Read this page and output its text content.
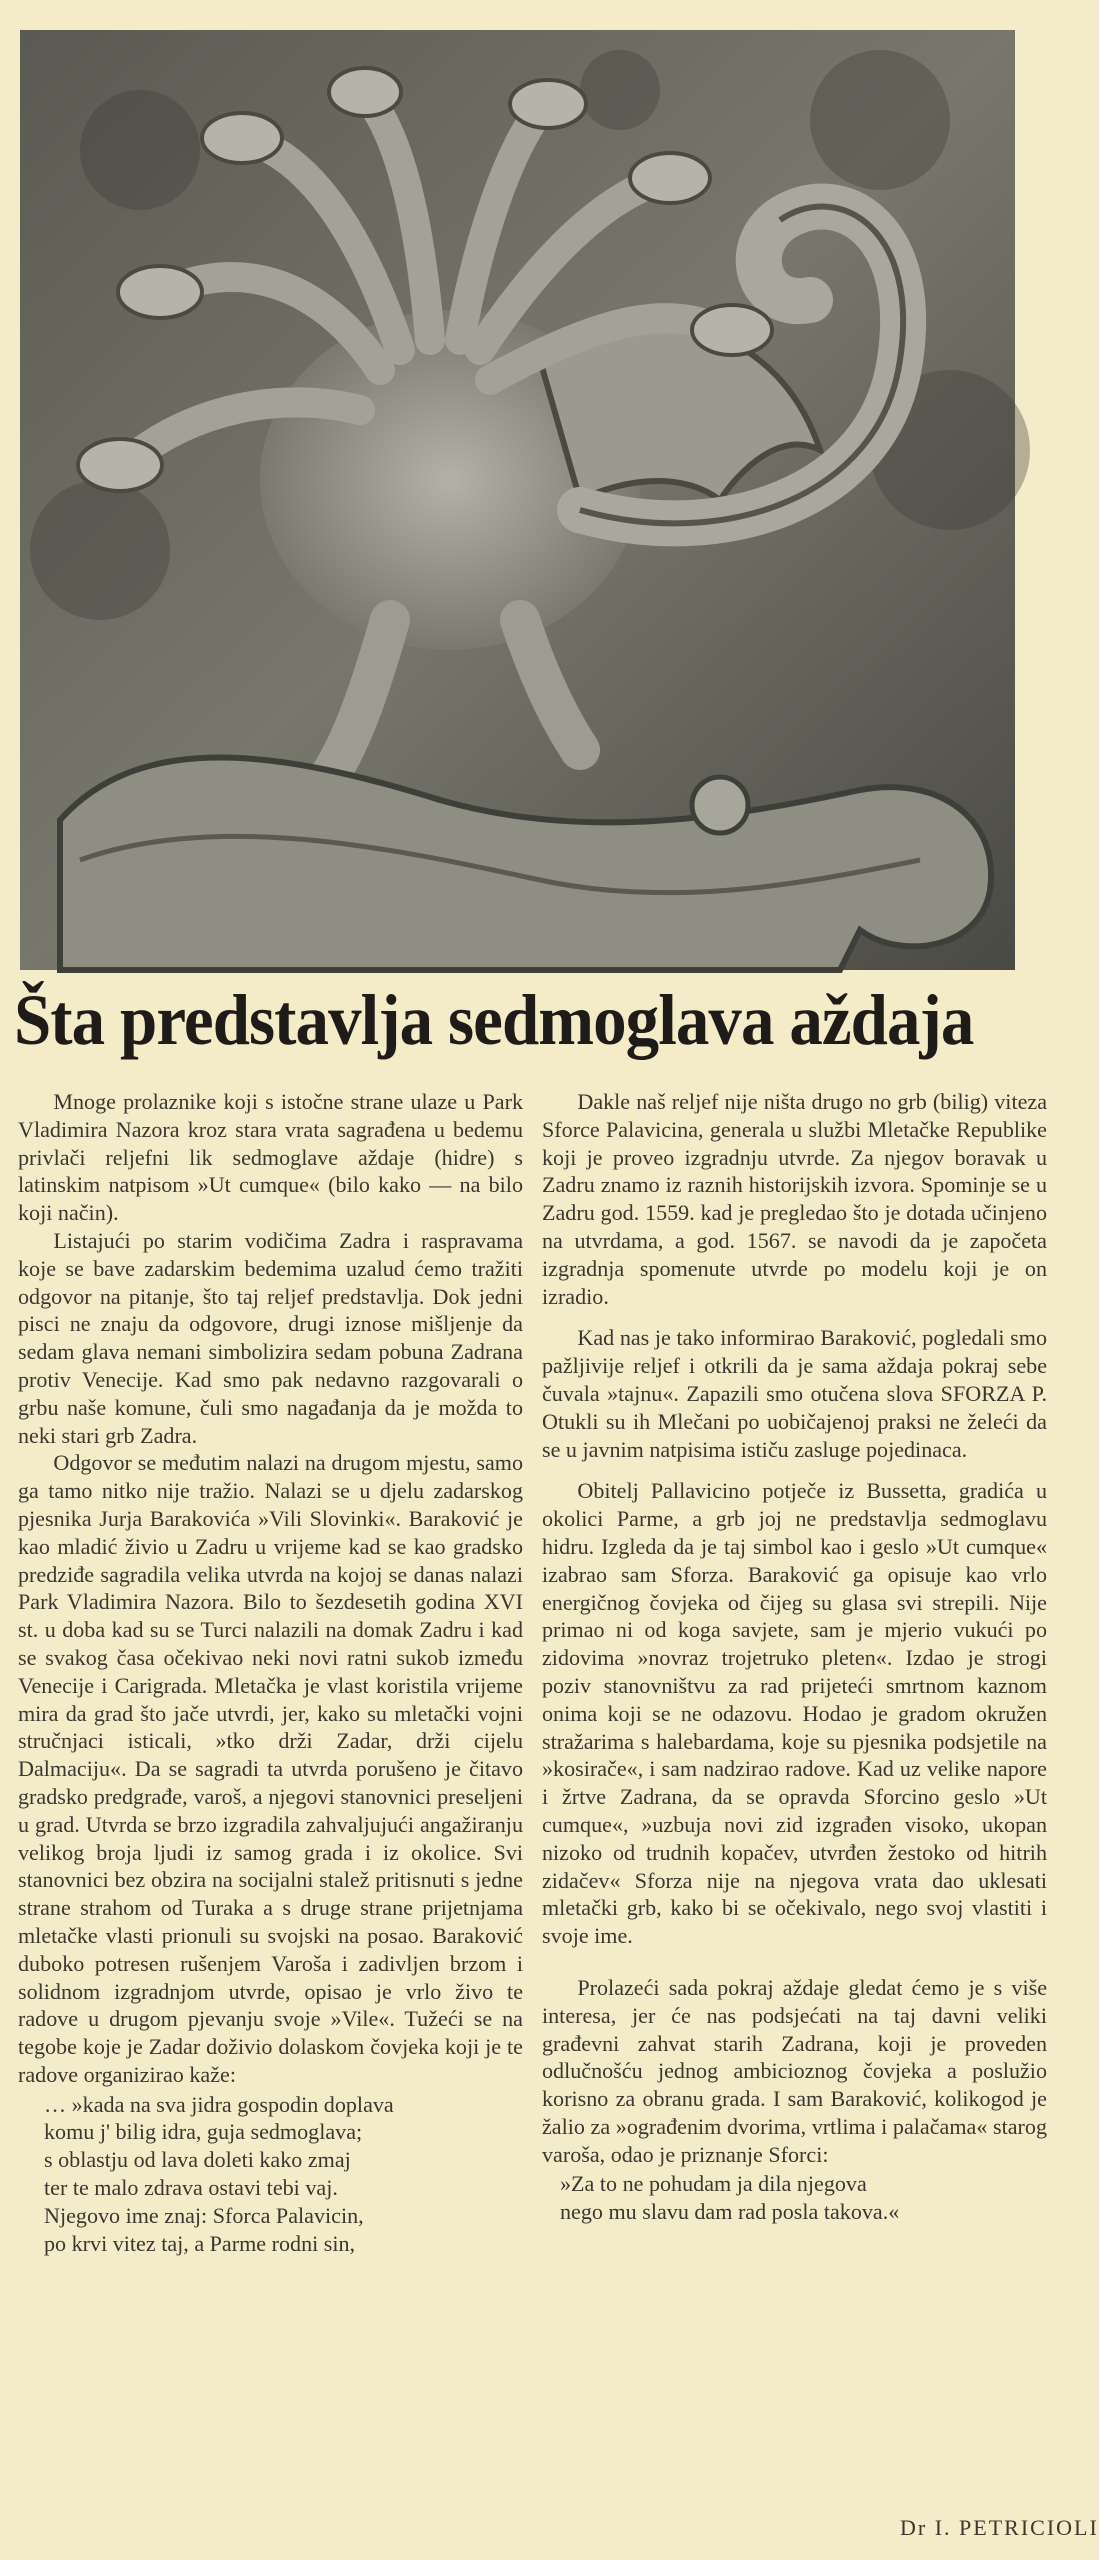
Šta predstavlja sedmoglava aždaja

Mnoge prolaznike koji s istočne strane ulaze u Park Vladimira Nazora kroz stara vrata sagrađena u bedemu privlači reljefni lik sedmoglave aždaje (hidre) s latinskim natpisom »Ut cumque« (bilo kako — na bilo koji način).

Listajući po starim vodičima Zadra i raspravama koje se bave zadarskim bedemima uzalud ćemo tražiti odgovor na pitanje, što taj reljef predstavlja. Dok jedni pisci ne znaju da odgovore, drugi iznose mišljenje da sedam glava nemani simbolizira sedam pobuna Zadrana protiv Venecije. Kad smo pak nedavno razgovarali o grbu naše komune, čuli smo nagađanja da je možda to neki stari grb Zadra.

Odgovor se međutim nalazi na drugom mjestu, samo ga tamo nitko nije tražio. Nalazi se u djelu zadarskog pjesnika Jurja Barakovića »Vili Slovinki«. Baraković je kao mladić živio u Zadru u vrijeme kad se kao gradsko predziđe sagradila velika utvrda na kojoj se danas nalazi Park Vladimira Nazora. Bilo to šezdesetih godina XVI st. u doba kad su se Turci nalazili na domak Zadru i kad se svakog časa očekivao neki novi ratni sukob između Venecije i Carigrada. Mletačka je vlast koristila vrijeme mira da grad što jače utvrdi, jer, kako su mletački vojni stručnjaci isticali, »tko drži Zadar, drži cijelu Dalmaciju«. Da se sagradi ta utvrda porušeno je čitavo gradsko predgrađe, varoš, a njegovi stanovnici preseljeni u grad. Utvrda se brzo izgradila zahvaljujući angažiranju velikog broja ljudi iz samog grada i iz okolice. Svi stanovnici bez obzira na socijalni stalež pritisnuti s jedne strane strahom od Turaka a s druge strane prijetnjama mletačke vlasti prionuli su svojski na posao. Baraković duboko potresen rušenjem Varoša i zadivljen brzom i solidnom izgradnjom utvrde, opisao je vrlo živo te radove u drugom pjevanju svoje »Vile«. Tužeći se na tegobe koje je Zadar doživio dolaskom čovjeka koji je te radove organizirao kaže:

… »kada na sva jidra gospodin doplava

komu j' bilig idra, guja sedmoglava;

s oblastju od lava doleti kako zmaj

ter te malo zdrava ostavi tebi vaj.

Njegovo ime znaj: Sforca Palavicin,

po krvi vitez taj, a Parme rodni sin,

Dakle naš reljef nije ništa drugo no grb (bilig) viteza Sforce Palavicina, generala u službi Mletačke Republike koji je proveo izgradnju utvrde. Za njegov boravak u Zadru znamo iz raznih historijskih izvora. Spominje se u Zadru god. 1559. kad je pregledao što je dotada učinjeno na utvrdama, a god. 1567. se navodi da je započeta izgradnja spomenute utvrde po modelu koji je on izradio.

Kad nas je tako informirao Baraković, pogledali smo pažljivije reljef i otkrili da je sama aždaja pokraj sebe čuvala »tajnu«. Zapazili smo otučena slova SFORZA P. Otukli su ih Mlečani po uobičajenoj praksi ne želeći da se u javnim natpisima ističu zasluge pojedinaca.

Obitelj Pallavicino potječe iz Bussetta, gradića u okolici Parme, a grb joj ne predstavlja sedmoglavu hidru. Izgleda da je taj simbol kao i geslo »Ut cumque« izabrao sam Sforza. Baraković ga opisuje kao vrlo energičnog čovjeka od čijeg su glasa svi strepili. Nije primao ni od koga savjete, sam je mjerio vukući po zidovima »novraz trojetruko pleten«. Izdao je strogi poziv stanovništvu za rad prijeteći smrtnom kaznom onima koji se ne odazovu. Hodao je gradom okružen stražarima s halebardama, koje su pjesnika podsjetile na »kosirače«, i sam nadzirao radove. Kad uz velike napore i žrtve Zadrana, da se opravda Sforcino geslo »Ut cumque«, »uzbuja novi zid izgrađen visoko, ukopan nizoko od trudnih kopačev, utvrđen žestoko od hitrih zidačev« Sforza nije na njegova vrata dao uklesati mletački grb, kako bi se očekivalo, nego svoj vlastiti i svoje ime.

Prolazeći sada pokraj aždaje gledat ćemo je s više interesa, jer će nas podsjećati na taj davni veliki građevni zahvat starih Zadrana, koji je proveden odlučnošću jednog ambicioznog čovjeka a poslužio korisno za obranu grada. I sam Baraković, kolikogod je žalio za »ograđenim dvorima, vrtlima i palačama« starog varoša, odao je priznanje Sforci:

»Za to ne pohudam ja dila njegova

nego mu slavu dam rad posla takova.«

Dr I. PETRICIOLI
